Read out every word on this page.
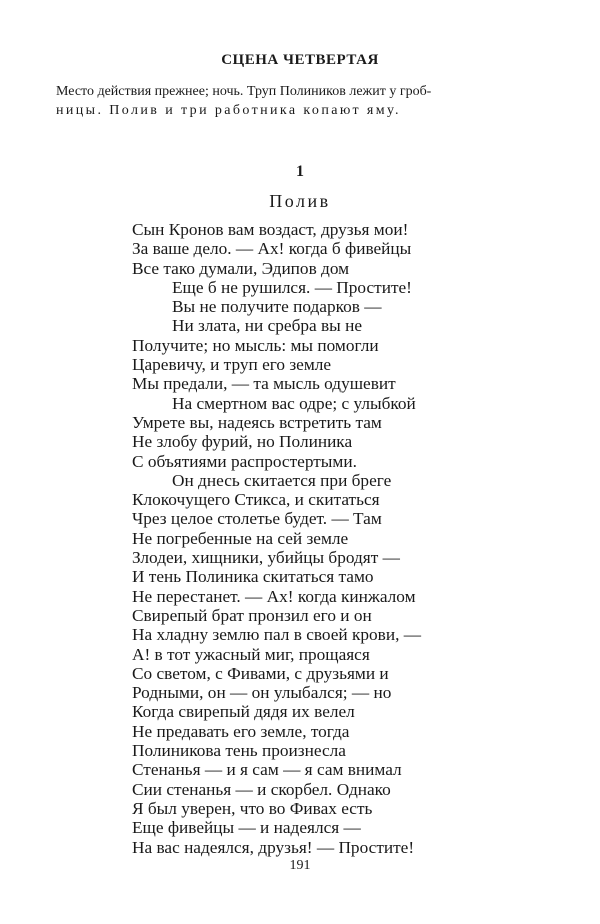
СЦЕНА ЧЕТВЕРТАЯ
Место действия прежнее; ночь. Труп Полиников лежит у гроб-
ницы. Полив и три работника копают яму.
1
Полив
Сын Кронов вам воздаст, друзья мои!
За ваше дело. — Ах! когда б фивейцы
Все тако думали, Эдипов дом
Еще б не рушился. — Простите!
Вы не получите подарков —
Ни злата, ни сребра вы не
Получите; но мысль: мы помогли
Царевичу, и труп его земле
Мы предали, — та мысль одушевит
На смертном вас одре; с улыбкой
Умрете вы, надеясь встретить там
Не злобу фурий, но Полиника
С объятиями распростертыми.
Он днесь скитается при бреге
Клокочущего Стикса, и скитаться
Чрез целое столетье будет. — Там
Не погребенные на сей земле
Злодеи, хищники, убийцы бродят —
И тень Полиника скитаться тамо
Не перестанет. — Ах! когда кинжалом
Свирепый брат пронзил его и он
На хладну землю пал в своей крови, —
А! в тот ужасный миг, прощаяся
Со светом, с Фивами, с друзьями и
Родными, он — он улыбался; — но
Когда свирепый дядя их велел
Не предавать его земле, тогда
Полиникова тень произнесла
Стенанья — и я сам — я сам внимал
Сии стенанья — и скорбел. Однако
Я был уверен, что во Фивах есть
Еще фивейцы — и надеялся —
На вас надеялся, друзья! — Простите!
191
